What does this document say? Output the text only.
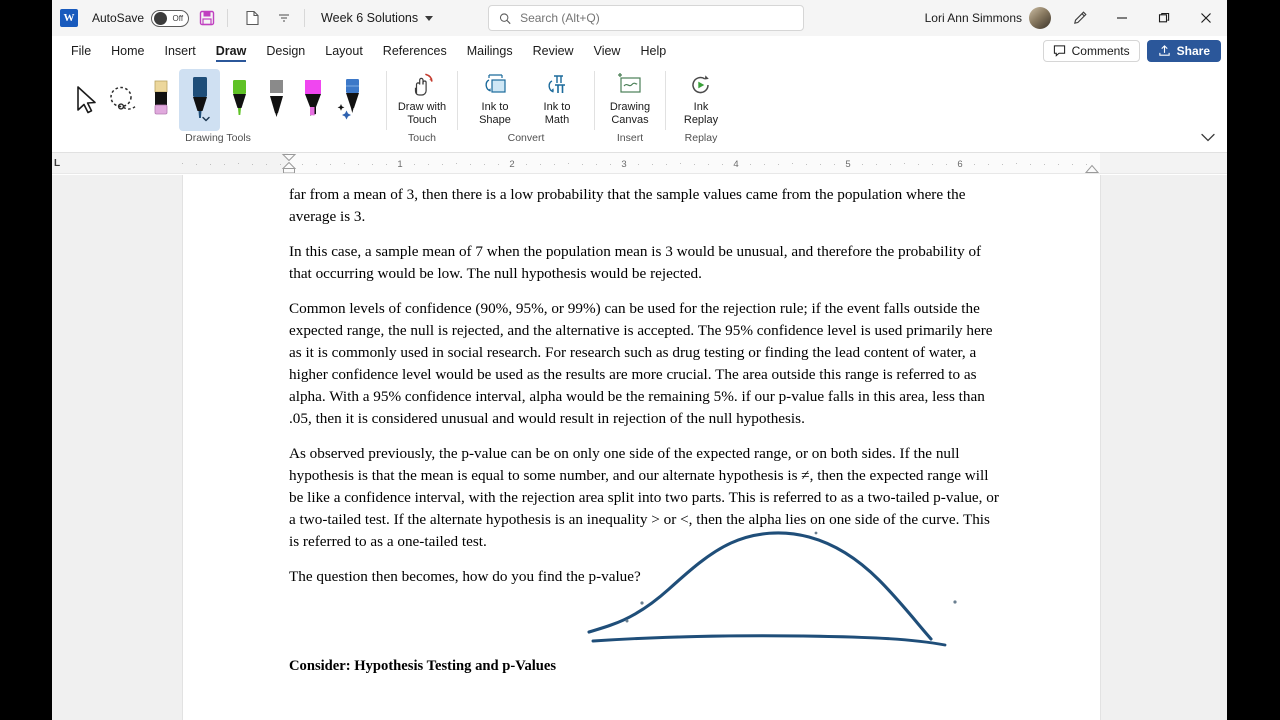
W AutoSave	Off	Week 6 Solutions
Search (Alt+Q)	Lori Ann Simmons
File	Home	Insert	Draw	Design	Layout	References	Mailings	Review	View	Help	Comments	Share
Drawing Tools
Draw with
Touch
Touch
Ink to
Shape
Ink to
Math
Convert
Drawing
Canvas
Insert
Ink
Replay
Replay
L	1	2	3	4	5	6
far from a mean of 3, then there is a low probability that the sample values came from the population where the average is 3.
In this case, a sample mean of 7 when the population mean is 3 would be unusual, and therefore the probability of that occurring would be low. The null hypothesis would be rejected.
Common levels of confidence (90%, 95%, or 99%) can be used for the rejection rule; if the event falls outside the expected range, the null is rejected, and the alternative is accepted. The 95% confidence level is used primarily here as it is commonly used in social research. For research such as drug testing or finding the lead content of water, a higher confidence level would be used as the results are more crucial. The area outside this range is referred to as alpha. With a 95% confidence interval, alpha would be the remaining 5%. if our p-value falls in this area, less than .05, then it is considered unusual and would result in rejection of the null hypothesis.
As observed previously, the p-value can be on only one side of the expected range, or on both sides. If the null hypothesis is that the mean is equal to some number, and our alternate hypothesis is ≠, then the expected range will be like a confidence interval, with the rejection area split into two parts. This is referred to as a two-tailed p-value, or a two-tailed test. If the alternate hypothesis is an inequality > or <, then the alpha lies on one side of the curve. This is referred to as a one-tailed test.
The question then becomes, how do you find the p-value?
Consider: Hypothesis Testing and p-Values
